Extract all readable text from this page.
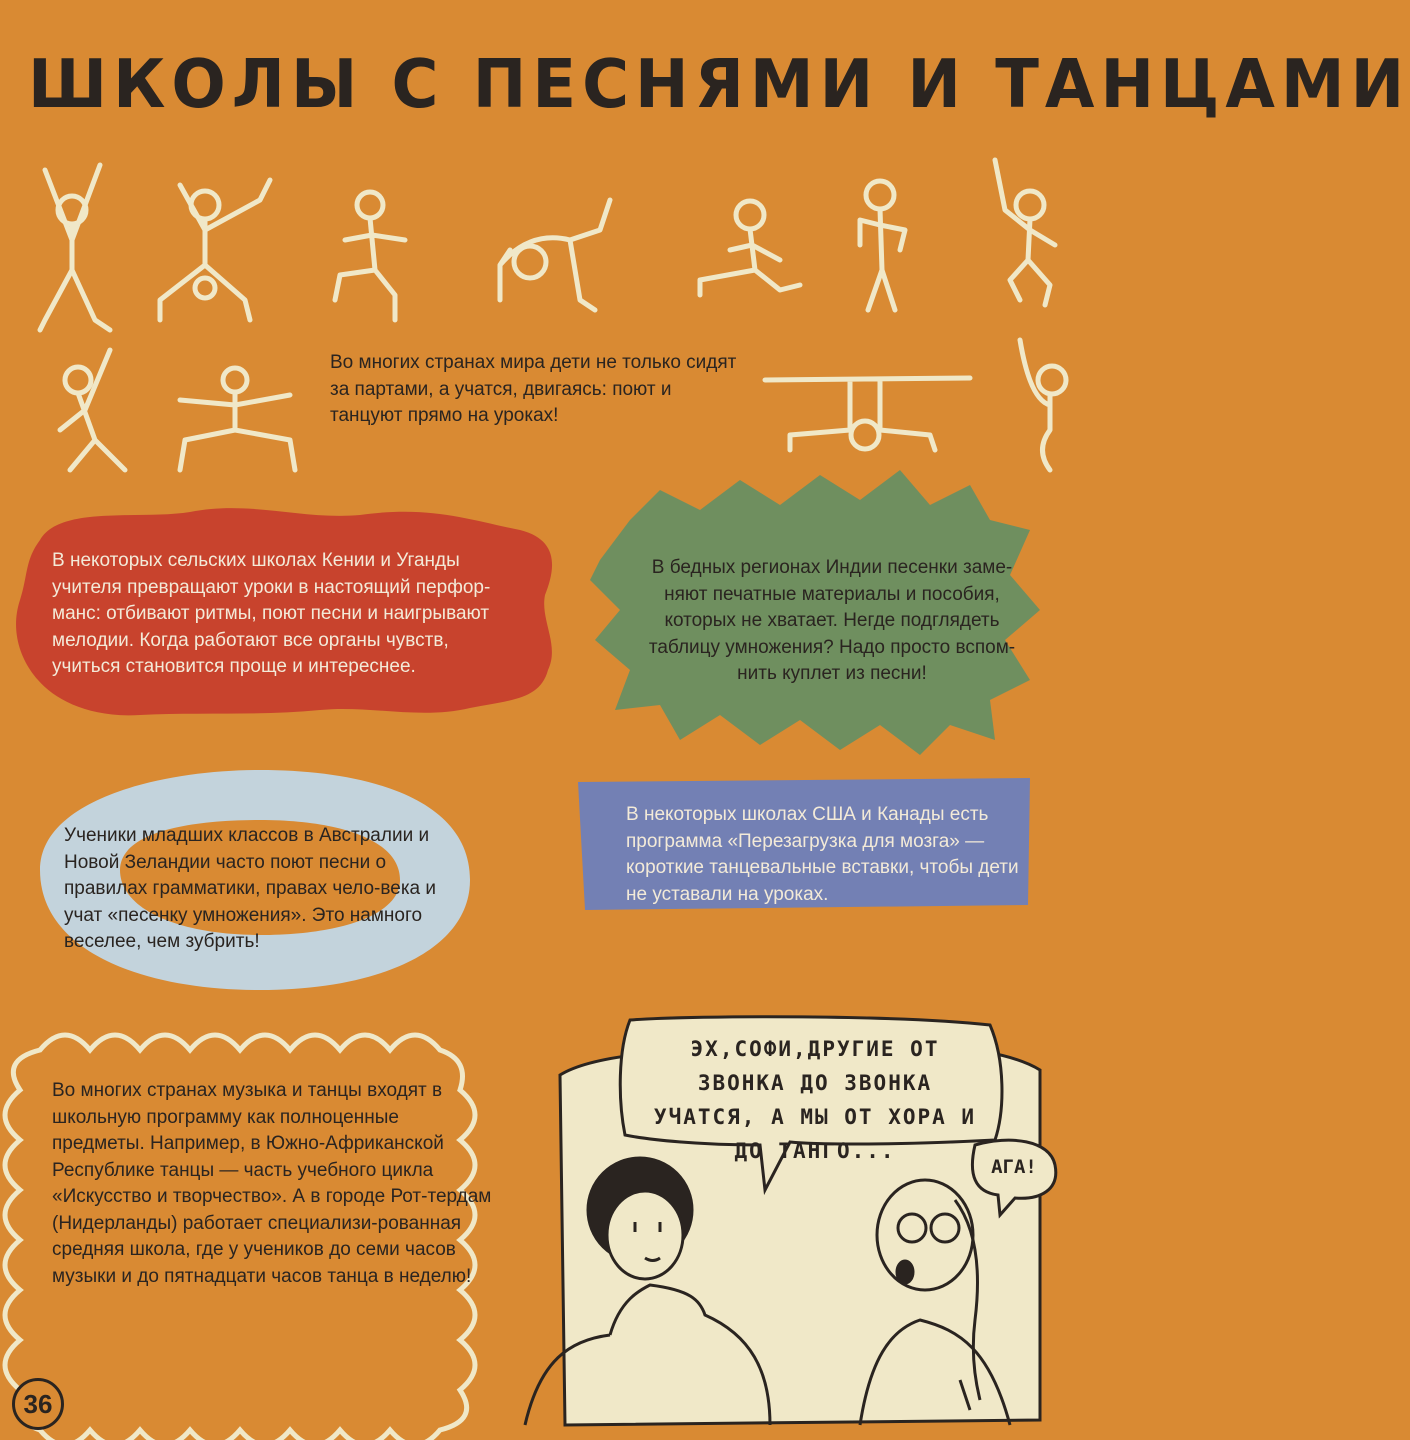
ШКОЛЫ С ПЕСНЯМИ И ТАНЦАМИ
Во многих странах мира дети не только сидят за партами, а учатся, двигаясь: поют и танцуют прямо на уроках!
В некоторых сельских школах Кении и Уганды учителя превращают уроки в настоящий перфор-манс: отбивают ритмы, поют песни и наигрывают мелодии. Когда работают все органы чувств, учиться становится проще и интереснее.
В бедных регионах Индии песенки заме-няют печатные материалы и пособия, которых не хватает. Негде подглядеть таблицу умножения? Надо просто вспом-нить куплет из песни!
Ученики младших классов в Австралии и Новой Зеландии часто поют песни о правилах грамматики, правах чело-века и учат «песенку умножения». Это намного веселее, чем зубрить!
В некоторых школах США и Канады есть программа «Перезагрузка для мозга» — короткие танцевальные вставки, чтобы дети не уставали на уроках.
Во многих странах музыка и танцы входят в школьную программу как полноценные предметы. Например, в Южно-Африканской Республике танцы — часть учебного цикла «Искусство и творчество». А в городе Рот-тердам (Нидерланды) работает специализи-рованная средняя школа, где у учеников до семи часов музыки и до пятнадцати часов танца в неделю!
ЭХ,СОФИ,ДРУГИЕ ОТ ЗВОНКА ДО ЗВОНКА УЧАТСЯ, А МЫ ОТ ХОРА И ДО ТАНГО...
АГА!
36
